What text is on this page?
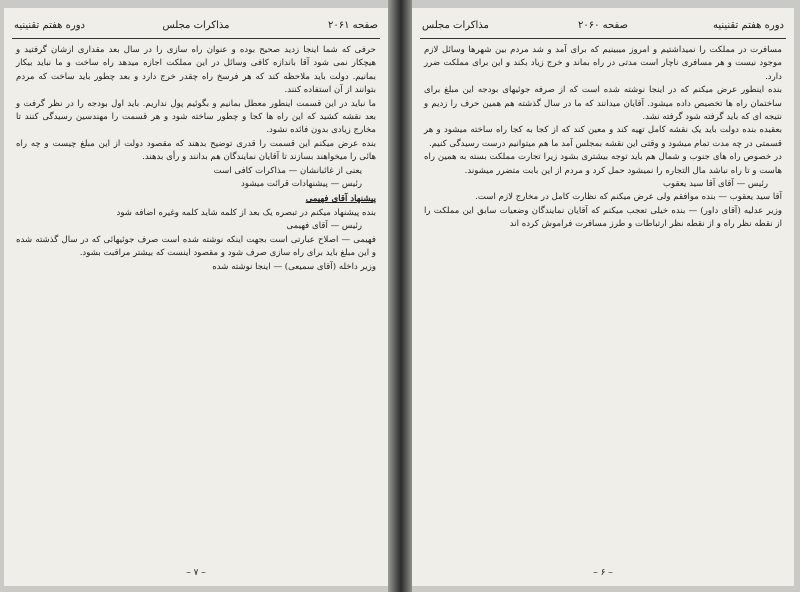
صفحه ۲۰۶۱
مذاکرات مجلس
دوره هفتم تقنینیه

حرفی که شما اینجا زدید صحیح بوده و عنوان راه سازی را در سال بعد مقداری ازشان گرفتید و هیچکار نمی شود آقا باندازه کافی وسائل در این مملکت اجازه میدهد راه ساخت و ما نباید بیکار بمانیم. دولت باید ملاحظه کند که هر فرسخ راه چقدر خرج دارد و بعد چطور باید ساخت که مردم بتوانند از آن استفاده کنند.

ما نباید در این قسمت اینطور معطل بمانیم و بگوئیم پول نداریم. باید اول بودجه را در نظر گرفت و بعد نقشه کشید که این راه ها کجا و چطور ساخته شود و هر قسمت را مهندسین رسیدگی کنند تا مخارج زیادی بدون فائده نشود.

بنده عرض میکنم این قسمت را قدری توضیح بدهند که مقصود دولت از این مبلغ چیست و چه راه هائی را میخواهند بسازند تا آقایان نمایندگان هم بدانند و رأی بدهند.

یعنی از غائبانشان — مذاکرات کافی است

رئیس — پیشنهادات قرائت میشود

پیشنهاد آقای فهیمی

بنده پیشنهاد میکنم در تبصره یک بعد از کلمه شاید کلمه وغیره اضافه شود

رئیس — آقای فهیمی

فهیمی — اصلاح عبارتی است بجهت اینکه نوشته شده است صرف جوئیهائی که در سال گذشته شده و این مبلغ باید برای راه سازی صرف شود و مقصود اینست که بیشتر مراقبت بشود.

وزیر داخله (آقای سمیعی) — اینجا نوشته شده

– ۷ –
دوره هفتم تقنینیه
صفحه ۲۰۶۰
مذاکرات مجلس

مسافرت در مملکت را نمیداشتیم و امروز میبینیم که برای آمد و شد مردم بین شهرها وسائل لازم موجود نیست و هر مسافری ناچار است مدتی در راه بماند و خرج زیاد بکند و این برای مملکت ضرر دارد.

بنده اینطور عرض میکنم که در اینجا نوشته شده است که از صرفه جوئیهای بودجه این مبلغ برای ساختمان راه ها تخصیص داده میشود. آقایان میدانند که ما در سال گذشته هم همین حرف را زدیم و نتیجه ای که باید گرفته شود گرفته نشد.

بعقیده بنده دولت باید یک نقشه کامل تهیه کند و معین کند که از کجا به کجا راه ساخته میشود و هر قسمتی در چه مدت تمام میشود و وقتی این نقشه بمجلس آمد ما هم میتوانیم درست رسیدگی کنیم.

در خصوص راه های جنوب و شمال هم باید توجه بیشتری بشود زیرا تجارت مملکت بسته به همین راه هاست و تا راه نباشد مال التجاره را نمیشود حمل کرد و مردم از این بابت متضرر میشوند.

رئیس — آقای آقا سید یعقوب

آقا سید یعقوب — بنده موافقم ولی عرض میکنم که نظارت کامل در مخارج لازم است.

وزیر عدلیه (آقای داور) — بنده خیلی تعجب میکنم که آقایان نمایندگان وضعیات سابق این مملکت را از نقطه نظر راه و از نقطه نظر ارتباطات و طرز مسافرت فراموش کرده اند

– ۶ –
